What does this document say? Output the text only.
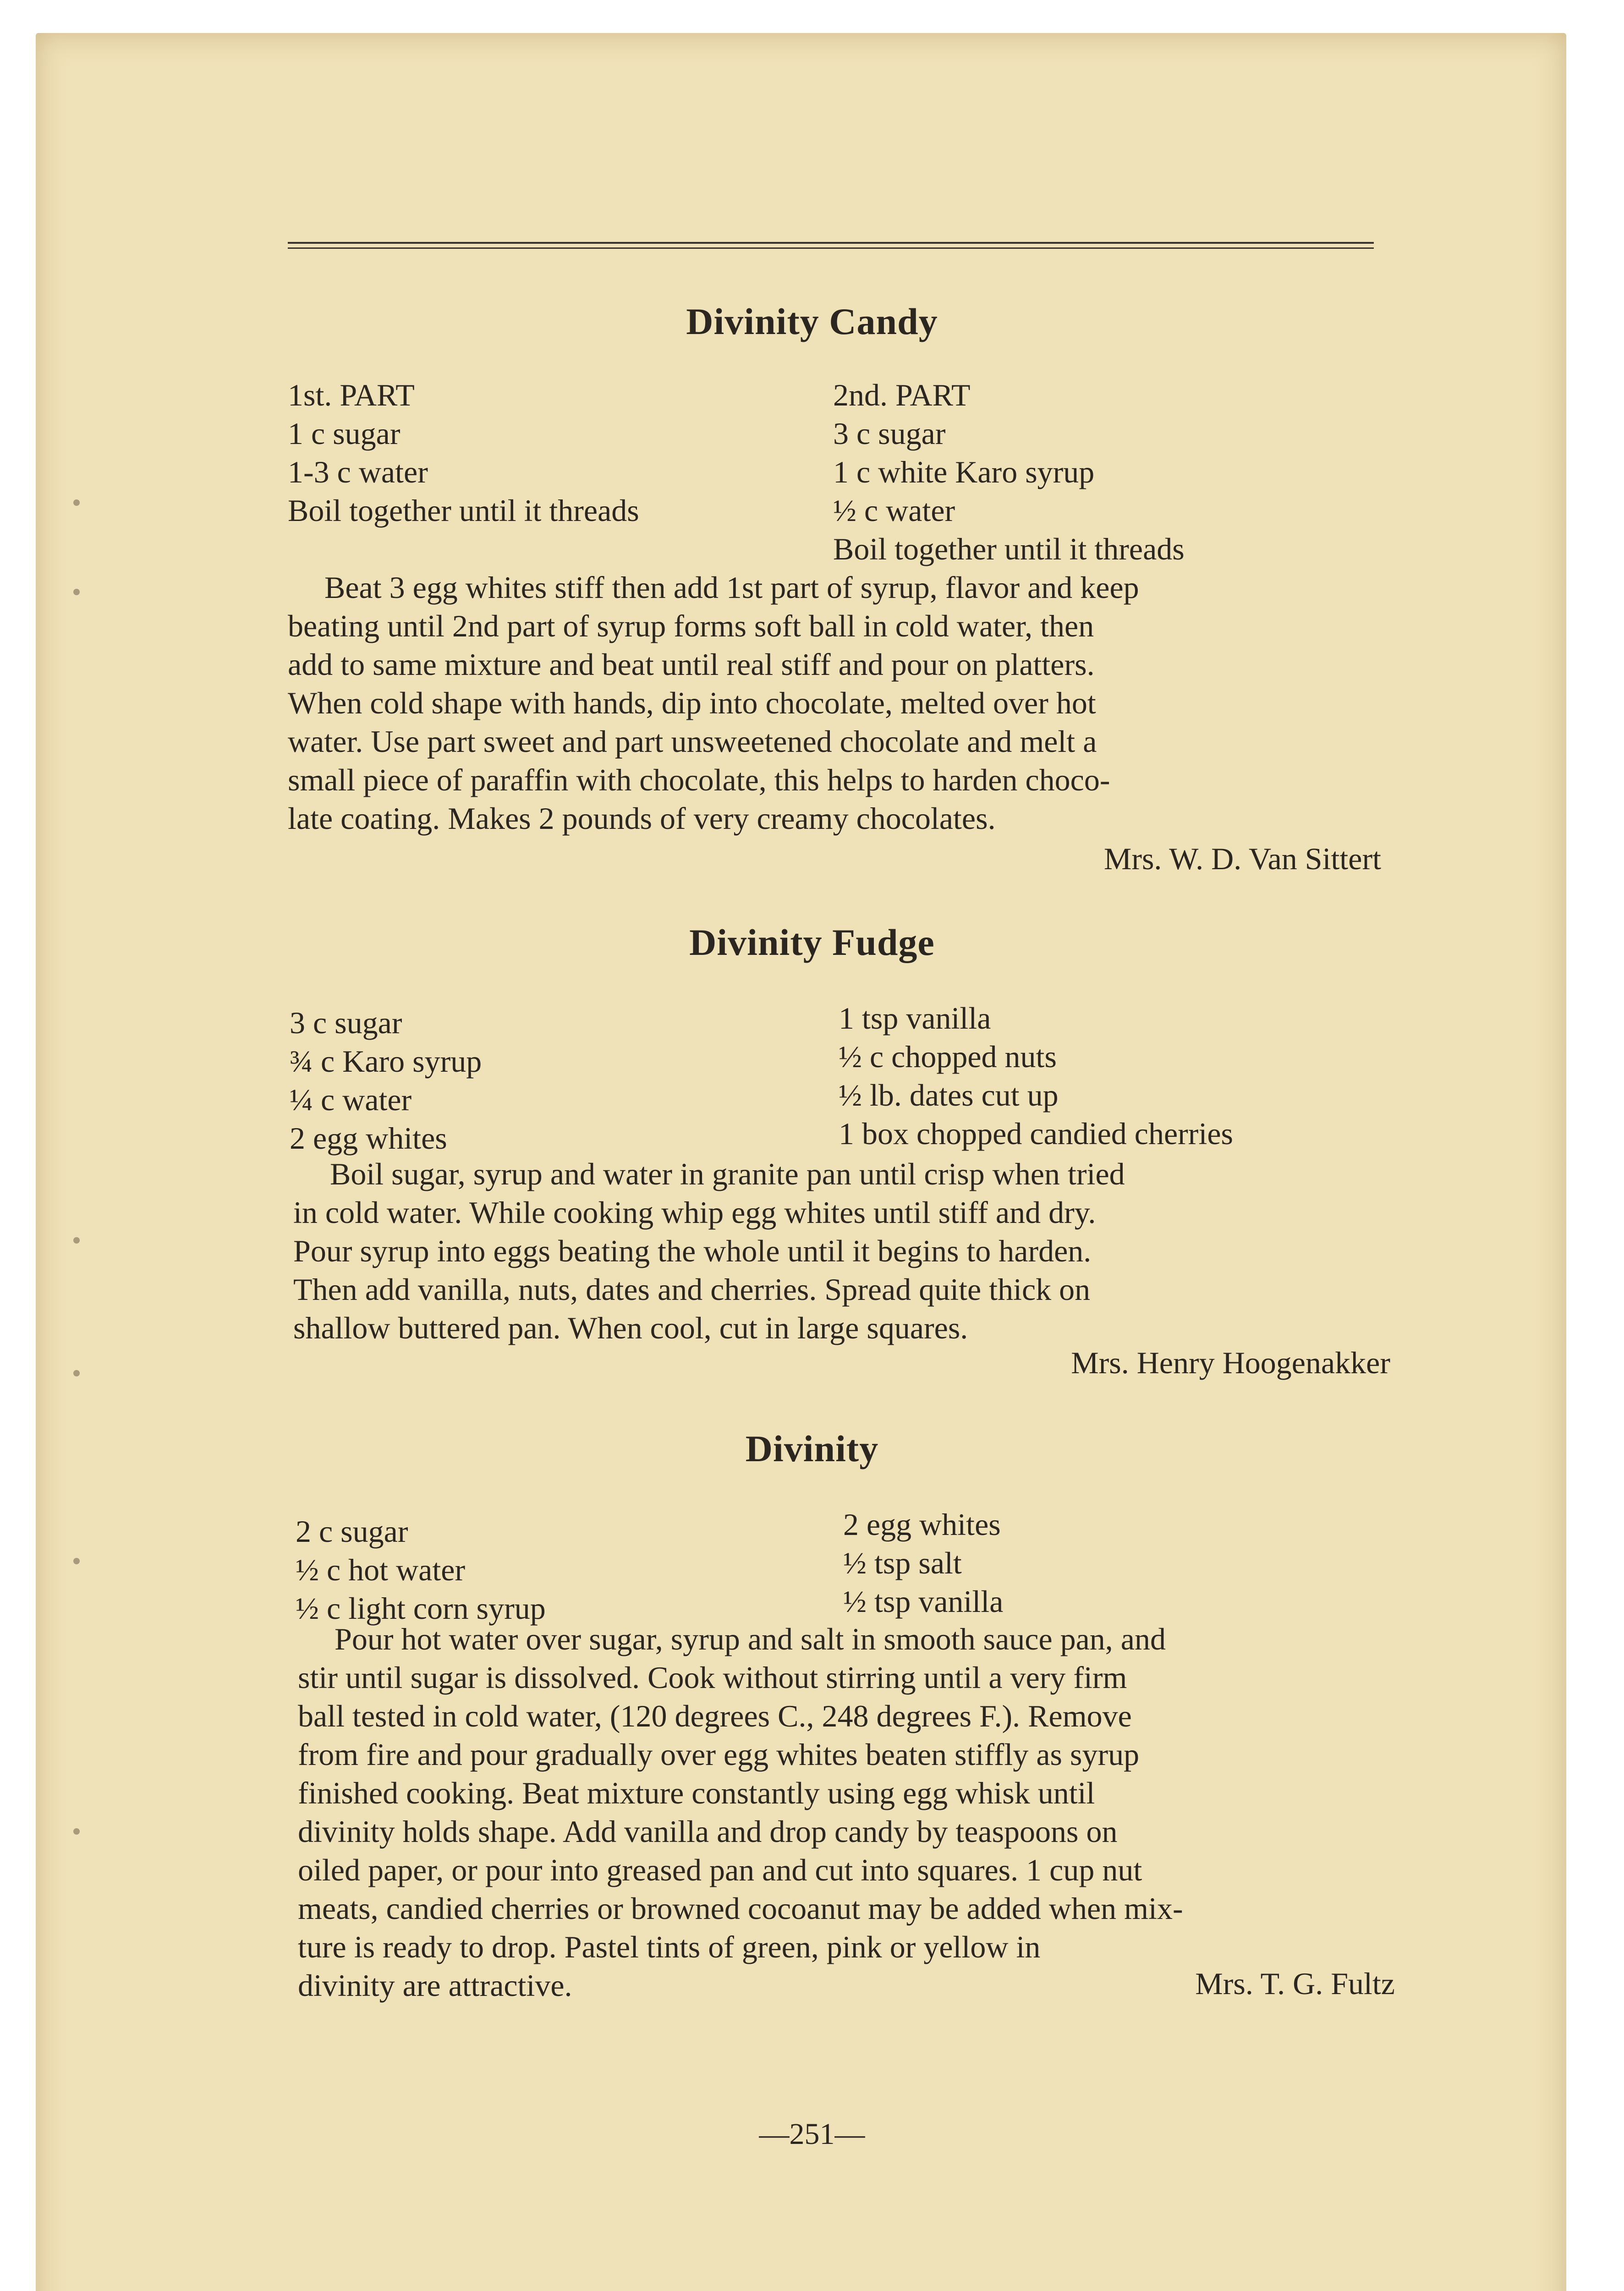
Divinity Candy
1st. PART
1 c sugar
1-3 c water
Boil together until it threads
2nd. PART
3 c sugar
1 c white Karo syrup
½ c water
Boil together until it threads
Beat 3 egg whites stiff then add 1st part of syrup, flavor and keep
beating until 2nd part of syrup forms soft ball in cold water, then
add to same mixture and beat until real stiff and pour on platters.
When cold shape with hands, dip into chocolate, melted over hot
water. Use part sweet and part unsweetened chocolate and melt a
small piece of paraffin with chocolate, this helps to harden choco-
late coating. Makes 2 pounds of very creamy chocolates.
Mrs. W. D. Van Sittert
Divinity Fudge
3 c sugar
¾ c Karo syrup
¼ c water
2 egg whites
1 tsp vanilla
½ c chopped nuts
½ lb. dates cut up
1 box chopped candied cherries
Boil sugar, syrup and water in granite pan until crisp when tried
in cold water. While cooking whip egg whites until stiff and dry.
Pour syrup into eggs beating the whole until it begins to harden.
Then add vanilla, nuts, dates and cherries. Spread quite thick on
shallow buttered pan. When cool, cut in large squares.
Mrs. Henry Hoogenakker
Divinity
2 c sugar
½ c hot water
½ c light corn syrup
2 egg whites
½ tsp salt
½ tsp vanilla
Pour hot water over sugar, syrup and salt in smooth sauce pan, and
stir until sugar is dissolved. Cook without stirring until a very firm
ball tested in cold water, (120 degrees C., 248 degrees F.). Remove
from fire and pour gradually over egg whites beaten stiffly as syrup
finished cooking. Beat mixture constantly using egg whisk until
divinity holds shape. Add vanilla and drop candy by teaspoons on
oiled paper, or pour into greased pan and cut into squares. 1 cup nut
meats, candied cherries or browned cocoanut may be added when mix-
ture is ready to drop. Pastel tints of green, pink or yellow in
divinity are attractive.	Mrs. T. G. Fultz
—251—
